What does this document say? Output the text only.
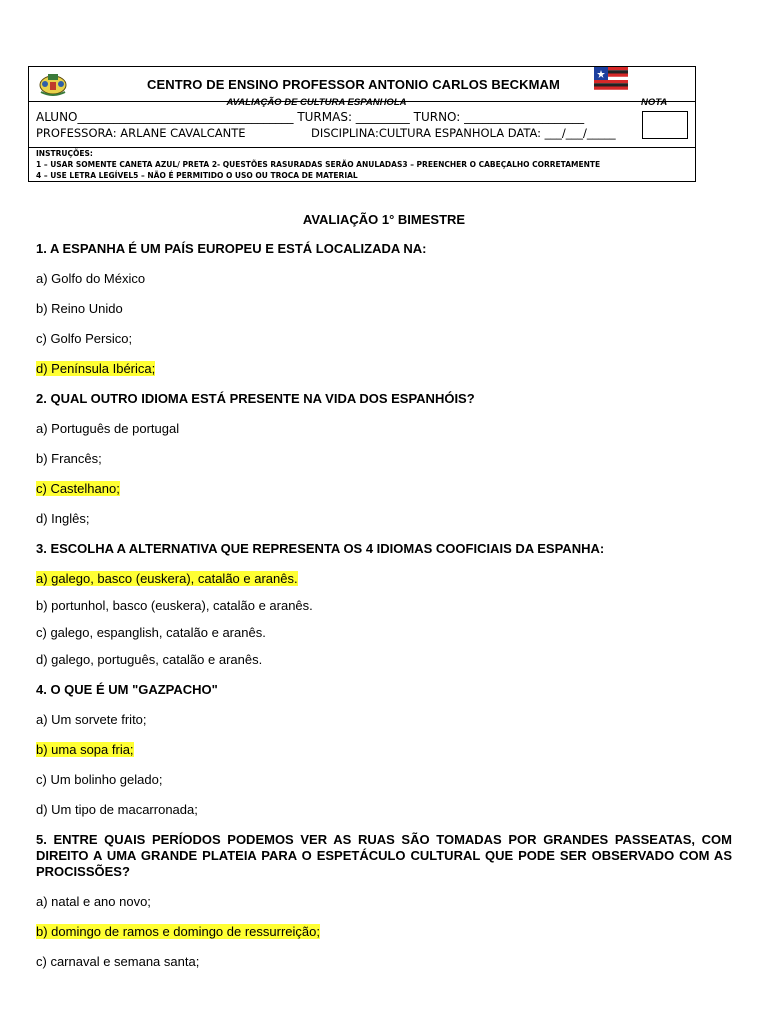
CENTRO DE ENSINO PROFESSOR ANTONIO CARLOS BECKMAM
AVALIAÇÃO DE CULTURA ESPANHOLA	NOTA
ALUNO____________________________________ TURMAS: _________ TURNO: ____________________
PROFESSORA: ARLANE CAVALCANTE	DISCIPLINA:CULTURA ESPANHOLA DATA: ___/___/_____
INSTRUÇÕES:
1 – USAR SOMENTE CANETA AZUL/ PRETA 2- QUESTÕES RASURADAS SERÃO ANULADAS3 – PREENCHER O CABEÇALHO CORRETAMENTE
4 – USE LETRA LEGÍVEL5 – NÃO É PERMITIDO O USO OU TROCA DE MATERIAL
AVALIAÇÃO 1° BIMESTRE
1. A ESPANHA É UM PAÍS EUROPEU E ESTÁ LOCALIZADA NA:
a) Golfo do México
b) Reino Unido
c) Golfo Persico;
d) Península Ibérica;
2. QUAL OUTRO IDIOMA ESTÁ PRESENTE NA VIDA DOS ESPANHÓIS?
a) Português de portugal
b) Francês;
c) Castelhano;
d) Inglês;
3. ESCOLHA A ALTERNATIVA QUE REPRESENTA OS 4 IDIOMAS COOFICIAIS DA ESPANHA:
a) galego, basco (euskera), catalão e aranês.
b) portunhol, basco (euskera), catalão e aranês.
c) galego, espanglish, catalão e aranês.
d) galego, português, catalão e aranês.
4. O QUE É UM "GAZPACHO"
a) Um sorvete frito;
b) uma sopa fria;
c) Um bolinho gelado;
d) Um tipo de macarronada;
5. ENTRE QUAIS PERÍODOS PODEMOS VER AS RUAS SÃO TOMADAS POR GRANDES PASSEATAS, COM DIREITO A UMA GRANDE PLATEIA PARA O ESPETÁCULO CULTURAL QUE PODE SER OBSERVADO COM AS PROCISSÕES?
a) natal e ano novo;
b) domingo de ramos e domingo de ressurreição;
c) carnaval e semana santa;
